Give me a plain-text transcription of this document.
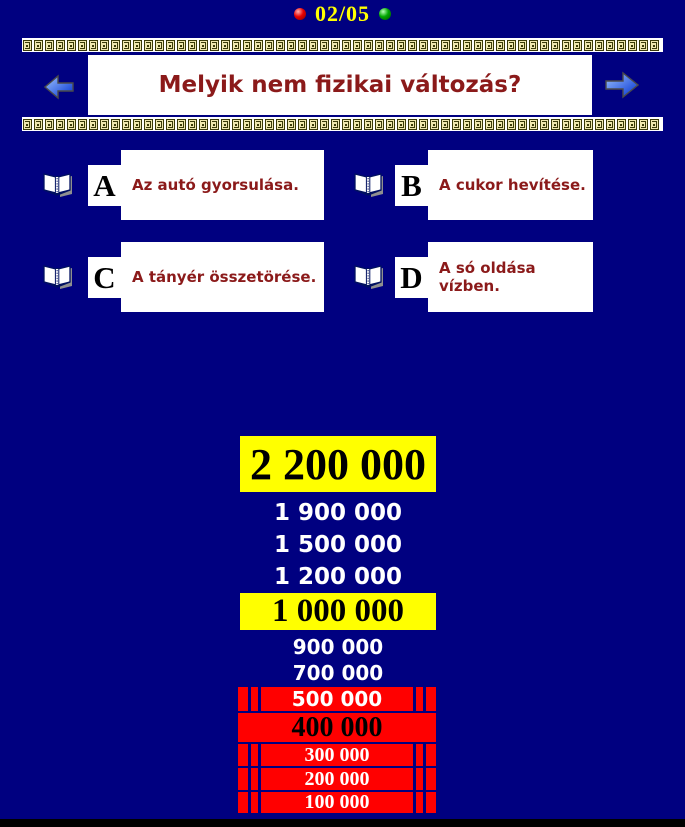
02/05
Melyik nem fizikai változás?
A	Az autó gyorsulása.	B	A cukor hevítése.
C	A tányér összetörése.	D	A só oldása vízben.
2 200 000
1 900 000
1 500 000
1 200 000
1 000 000
900 000
700 000
500 000
400 000
300 000
200 000
100 000
